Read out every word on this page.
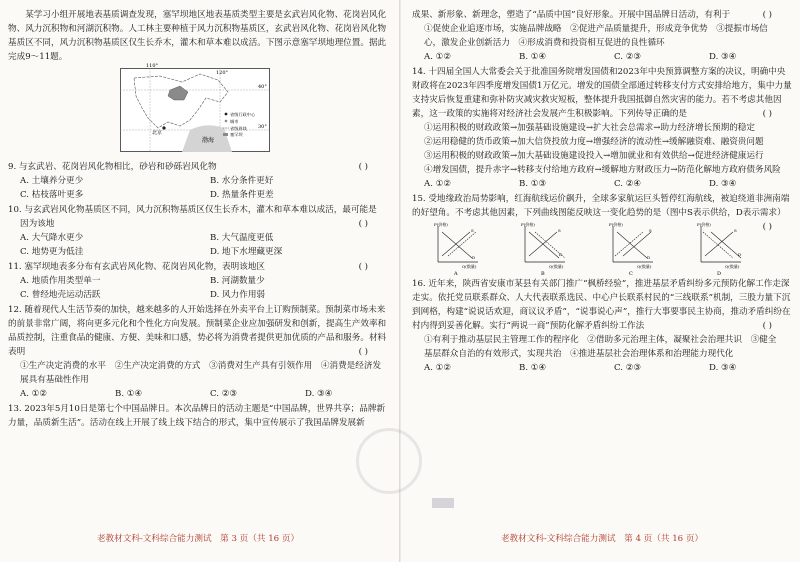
某学习小组开展地表基质调查发现，塞罕坝地区地表基质类型主要是玄武岩风化物、花岗岩风化物、风力沉积物和河湖沉积物。人工林主要种植于风力沉积物基质区，玄武岩风化物、花岗岩风化物基质区不同，风力沉积物基质区仅生长乔木，灌木和草本难以成活。下图示意塞罕坝地理位置。据此完成9～11题。

110°
120°
40°
30°
渤海
北京
省级行政中心
城市
省级界线
塞罕坝

9. 与玄武岩、花岗岩风化物相比，砂岩和砂砾岩风化物	( )

A. 土壤养分更少	B. 水分条件更好
C. 枯枝落叶更多	D. 热量条件更差

10. 与玄武岩风化物基质区不同，风力沉积物基质区仅生长乔木，灌木和草本难以成活，最可能是

因为该地	( )

A. 大气降水更少	B. 大气温度更低
C. 地势更为低洼	D. 地下水埋藏更深

11. 塞罕坝地表多分布有玄武岩风化物、花岗岩风化物，表明该地区	( )

A. 地质作用类型单一	B. 河湖数量少
C. 曾经地壳运动活跃	D. 风力作用弱

12. 随着现代人生活节奏的加快，越来越多的人开始选择在外卖平台上订购预制菜。预制菜市场未来的前景非常广阔，将向更多元化和个性化方向发展。预制菜企业应加强研发和创新，提高生产效率和品质控制，注重食品的健康、方便、美味和口感，势必将为消费者提供更加优质的产品和服务。材料表明	( )

①生产决定消费的水平　 ②生产决定消费的方式　 ③消费对生产具有引领作用　 ④消费是经济发展具有基础性作用

A. ①②	B. ①④	C. ②③	D. ③④

13. 2023年5月10日是第七个中国品牌日。本次品牌日的活动主题是“中国品牌，世界共享；品牌新力量，品质新生活”。活动在线上开展了线上线下结合的形式，集中宣传展示了我国品牌发展新

老教材文科-文科综合能力测试　第 3 页（共 16 页）

成果、新形象、新理念，塑造了“品质中国”良好形象。开展中国品牌日活动，有利于	( )

①促使企业追逐市场，实施品牌战略　②促进产品质量提升，形成竞争优势　③提振市场信

心，激发企业创新活力　④形成消费和投资相互促进的良性循环

A. ①②	B. ①④	C. ②③	D. ③④

14. 十四届全国人大常委会关于批准国务院增发国债和2023年中央预算调整方案的决议，明确中央财政将在2023年四季度增发国债1万亿元。增发的国债全部通过转移支付方式安排给地方，集中力量支持灾后恢复重建和弥补防灾减灾救灾短板，整体提升我国抵御自然灾害的能力。若不考虑其他因素，这一政策的实施将对经济社会发展产生积极影响。下列传导正确的是	( )

①运用积极的财政政策→加强基础设施建设→扩大社会总需求→助力经济增长预期的稳定

②运用稳健的货币政策→加大信贷投放力度→增强经济的流动性→缓解融资难、融资贵问题

③运用积极的财政政策→加大基础设施建设投入→增加就业和有效供给→促进经济健康运行

④增发国债，提升赤字→转移支付给地方政府→缓解地方财政压力→防范化解地方政府债务风险

A. ①②	B. ①③	C. ②④	D. ③④

15. 受地缘政治局势影响，红海航线运价飙升，全球多家航运巨头暂停红海航线，被迫绕道非洲南端的好望角。不考虑其他因素，下列曲线图能反映这一变化趋势的是（图中S表示供给，D表示需求）
( )

P(价格)
Q(数量)
S
D
A
P(价格)
Q(数量)
S
D
B
P(价格)
Q(数量)
S
D
C
P(价格)
Q(数量)
S
D
D

16. 近年来，陕西省安康市某县有关部门推广“枫桥经验”，推进基层矛盾纠纷多元预防化解工作走深走实。依托党员联系群众、人大代表联系选民、中心户长联系村民的“三线联系”机制，三股力量下沉到网格，构建“说说话欢迎，商议议矛盾”，“说事说心声”，推行大事要事民主协商，推动矛盾纠纷在村内得到妥善化解。实行“两说一商”预防化解矛盾纠纷工作法	( )

①有利于推动基层民主管理工作的程序化　②借助多元治理主体，凝聚社会治理共识　③健全

基层群众自治的有效形式，实现共治　④推进基层社会治理体系和治理能力现代化

A. ①②	B. ①④	C. ②③	D. ③④
老教材文科-文科综合能力测试　第 4 页（共 16 页）
